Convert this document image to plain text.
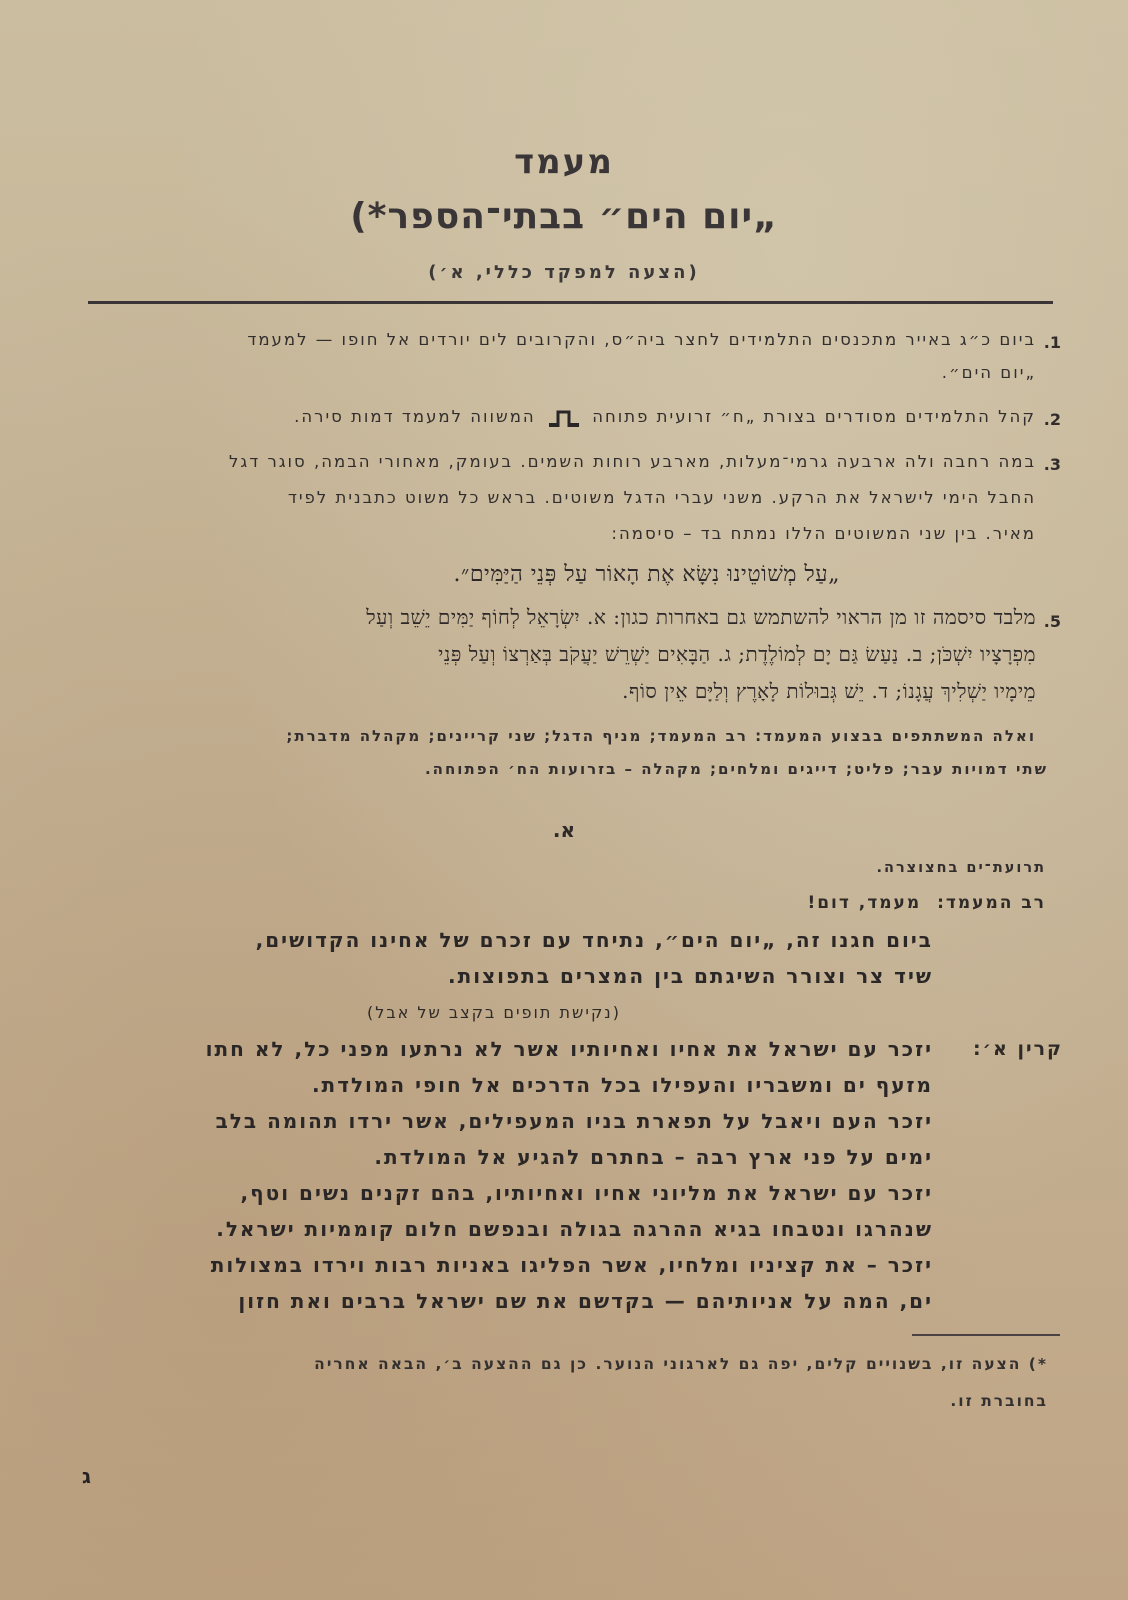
מעמד
„יום הים״ בבתי־הספר*)
(הצעה למפקד כללי, א׳)
1.
ביום כ״ג באייר מתכנסים התלמידים לחצר ביה״ס, והקרובים לים יורדים אל חופו — למעמד
„יום הים״.
2.
קהל התלמידים מסודרים בצורת „ח״ זרועית פתוחה  המשווה למעמד דמות סירה.
3.
במה רחבה ולה ארבעה גרמי־מעלות, מארבע רוחות השמים. בעומק, מאחורי הבמה, סוגר דגל
החבל הימי לישראל את הרקע. משני עברי הדגל משוטים. בראש כל משוט כתבנית לפיד
מאיר. בין שני המשוטים הללו נמתח בד – סיסמה:
„עַל מְשׁוֹטֵינוּ נִשָּׂא אֶת הָאוֹר עַל פְּנֵי הַיַּמִּים״.
5.
מלבד סיסמה זו מן הראוי להשתמש גם באחרות כגון: א. יִשְׂרָאֵל לְחוֹף יַמִּים יֵשֵׁב וְעַל
מִפְרָצָיו יִשְׁכֹּן; ב. נַעַשׂ גַּם יָם לְמוֹלֶדֶת; ג. הַבָּאִים יַשְׁרֵשׁ יַעֲקֹב בְּאַרְצוֹ וְעַל פְּנֵי
מֵימָיו יַשְׁלִיךְ עֲגָנוֹ; ד. יֵשׁ גְּבוּלוֹת לָאָרֶץ וְלַיָּם אֵין סוֹף.
ואלה המשתתפים בבצוע המעמד: רב המעמד; מניף הדגל; שני קריינים; מקהלה מדברת;
שתי דמויות עבר; פליט; דייגים ומלחים; מקהלה – בזרועות הח׳ הפתוחה.
א.
תרועת־ים בחצוצרה.
רב המעמד: מעמד, דום!
ביום חגנו זה, „יום הים״, נתיחד עם זכרם של אחינו הקדושים,
שיד צר וצורר השיגתם בין המצרים בתפוצות.
(נקישת תופים בקצב של אבל)
קרין א׳:
יזכר עם ישראל את אחיו ואחיותיו אשר לא נרתעו מפני כל, לא חתו
מזעף ים ומשבריו והעפילו בכל הדרכים אל חופי המולדת.
יזכר העם ויאבל על תפארת בניו המעפילים, אשר ירדו תהומה בלב
ימים על פני ארץ רבה – בחתרם להגיע אל המולדת.
יזכר עם ישראל את מליוני אחיו ואחיותיו, בהם זקנים נשים וטף,
שנהרגו ונטבחו בגיא ההרגה בגולה ובנפשם חלום קוממיות ישראל.
יזכר – את קציניו ומלחיו, אשר הפליגו באניות רבות וירדו במצולות
ים, המה על אניותיהם — בקדשם את שם ישראל ברבים ואת חזון
*) הצעה זו, בשנויים קלים, יפה גם לארגוני הנוער. כן גם ההצעה ב׳, הבאה אחריה
בחוברת זו.
ג
